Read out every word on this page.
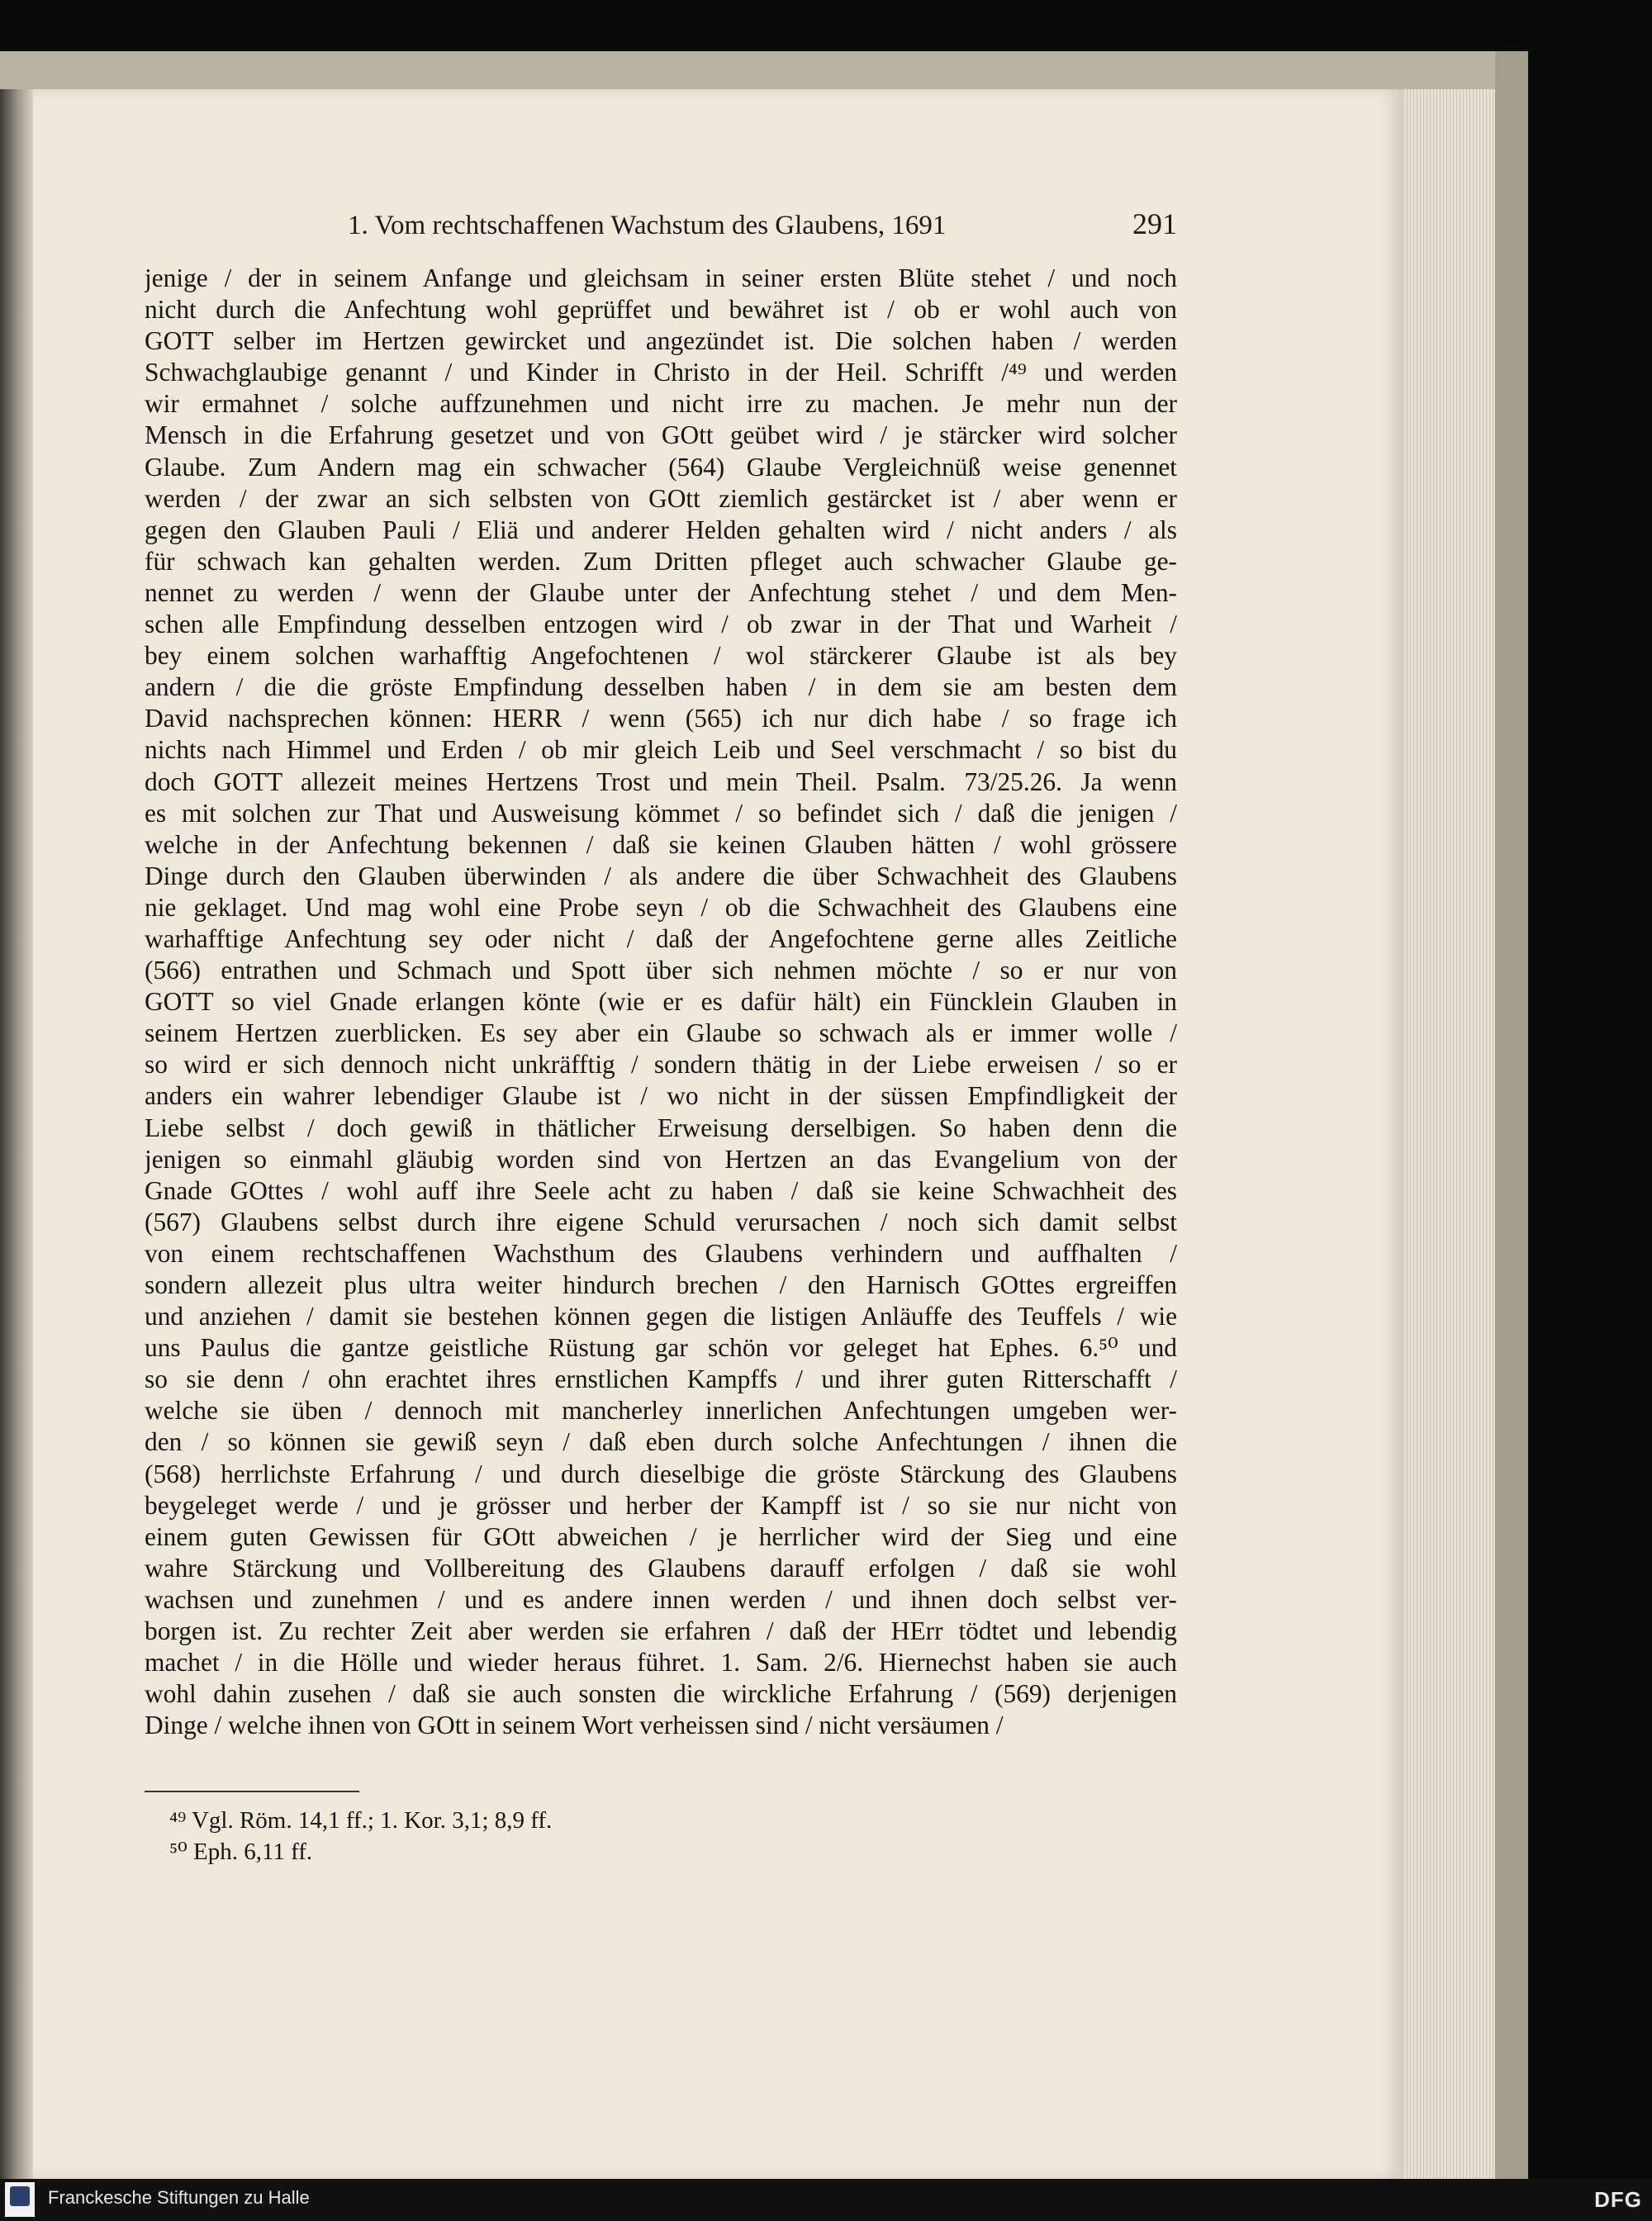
1. Vom rechtschaffenen Wachstum des Glaubens, 1691	291
jenige / der in seinem Anfange und gleichsam in seiner ersten Blüte stehet / und noch
nicht durch die Anfechtung wohl geprüffet und bewähret ist / ob er wohl auch von
GOTT selber im Hertzen gewircket und angezündet ist. Die solchen haben / werden
Schwachglaubige genannt / und Kinder in Christo in der Heil. Schrifft /⁴⁹ und werden
wir ermahnet / solche auffzunehmen und nicht irre zu machen. Je mehr nun der
Mensch in die Erfahrung gesetzet und von GOtt geübet wird / je stärcker wird solcher
Glaube. Zum Andern mag ein schwacher (564) Glaube Vergleichnüß weise genennet
werden / der zwar an sich selbsten von GOtt ziemlich gestärcket ist / aber wenn er
gegen den Glauben Pauli / Eliä und anderer Helden gehalten wird / nicht anders / als
für schwach kan gehalten werden. Zum Dritten pfleget auch schwacher Glaube ge-
nennet zu werden / wenn der Glaube unter der Anfechtung stehet / und dem Men-
schen alle Empfindung desselben entzogen wird / ob zwar in der That und Warheit /
bey einem solchen warhafftig Angefochtenen / wol stärckerer Glaube ist als bey
andern / die die gröste Empfindung desselben haben / in dem sie am besten dem
David nachsprechen können: HERR / wenn (565) ich nur dich habe / so frage ich
nichts nach Himmel und Erden / ob mir gleich Leib und Seel verschmacht / so bist du
doch GOTT allezeit meines Hertzens Trost und mein Theil. Psalm. 73/25.26. Ja wenn
es mit solchen zur That und Ausweisung kömmet / so befindet sich / daß die jenigen /
welche in der Anfechtung bekennen / daß sie keinen Glauben hätten / wohl grössere
Dinge durch den Glauben überwinden / als andere die über Schwachheit des Glaubens
nie geklaget. Und mag wohl eine Probe seyn / ob die Schwachheit des Glaubens eine
warhafftige Anfechtung sey oder nicht / daß der Angefochtene gerne alles Zeitliche
(566) entrathen und Schmach und Spott über sich nehmen möchte / so er nur von
GOTT so viel Gnade erlangen könte (wie er es dafür hält) ein Füncklein Glauben in
seinem Hertzen zuerblicken. Es sey aber ein Glaube so schwach als er immer wolle /
so wird er sich dennoch nicht unkräfftig / sondern thätig in der Liebe erweisen / so er
anders ein wahrer lebendiger Glaube ist / wo nicht in der süssen Empfindligkeit der
Liebe selbst / doch gewiß in thätlicher Erweisung derselbigen. So haben denn die
jenigen so einmahl gläubig worden sind von Hertzen an das Evangelium von der
Gnade GOttes / wohl auff ihre Seele acht zu haben / daß sie keine Schwachheit des
(567) Glaubens selbst durch ihre eigene Schuld verursachen / noch sich damit selbst
von einem rechtschaffenen Wachsthum des Glaubens verhindern und auffhalten /
sondern allezeit plus ultra weiter hindurch brechen / den Harnisch GOttes ergreiffen
und anziehen / damit sie bestehen können gegen die listigen Anläuffe des Teuffels / wie
uns Paulus die gantze geistliche Rüstung gar schön vor geleget hat Ephes. 6.⁵⁰ und
so sie denn / ohn erachtet ihres ernstlichen Kampffs / und ihrer guten Ritterschafft /
welche sie üben / dennoch mit mancherley innerlichen Anfechtungen umgeben wer-
den / so können sie gewiß seyn / daß eben durch solche Anfechtungen / ihnen die
(568) herrlichste Erfahrung / und durch dieselbige die gröste Stärckung des Glaubens
beygeleget werde / und je grösser und herber der Kampff ist / so sie nur nicht von
einem guten Gewissen für GOtt abweichen / je herrlicher wird der Sieg und eine
wahre Stärckung und Vollbereitung des Glaubens darauff erfolgen / daß sie wohl
wachsen und zunehmen / und es andere innen werden / und ihnen doch selbst ver-
borgen ist. Zu rechter Zeit aber werden sie erfahren / daß der HErr tödtet und lebendig
machet / in die Hölle und wieder heraus führet. 1. Sam. 2/6. Hiernechst haben sie auch
wohl dahin zusehen / daß sie auch sonsten die wirckliche Erfahrung / (569) derjenigen
Dinge / welche ihnen von GOtt in seinem Wort verheissen sind / nicht versäumen /
⁴⁹ Vgl. Röm. 14,1 ff.; 1. Kor. 3,1; 8,9 ff.
⁵⁰ Eph. 6,11 ff.
Franckesche Stiftungen zu Halle	DFG
